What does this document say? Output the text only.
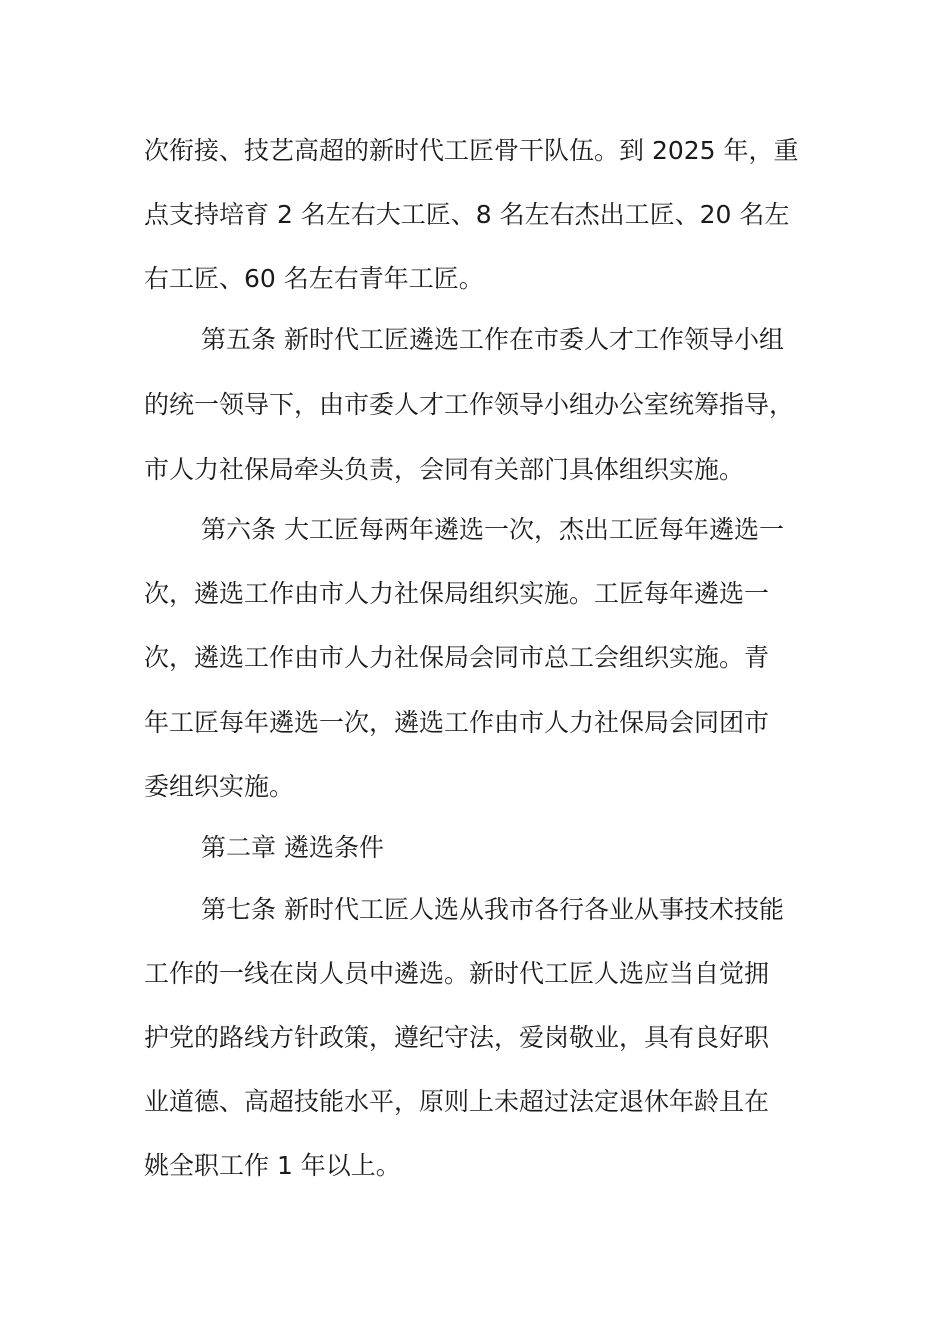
次衔接、技艺高超的新时代工匠骨干队伍。到 2025 年，重
点支持培育 2 名左右大工匠、8 名左右杰出工匠、20 名左
右工匠、60 名左右青年工匠。
第五条 新时代工匠遴选工作在市委人才工作领导小组
的统一领导下，由市委人才工作领导小组办公室统筹指导，
市人力社保局牵头负责，会同有关部门具体组织实施。
第六条 大工匠每两年遴选一次，杰出工匠每年遴选一
次，遴选工作由市人力社保局组织实施。工匠每年遴选一
次，遴选工作由市人力社保局会同市总工会组织实施。青
年工匠每年遴选一次，遴选工作由市人力社保局会同团市
委组织实施。
第二章 遴选条件
第七条 新时代工匠人选从我市各行各业从事技术技能
工作的一线在岗人员中遴选。新时代工匠人选应当自觉拥
护党的路线方针政策，遵纪守法，爱岗敬业，具有良好职
业道德、高超技能水平，原则上未超过法定退休年龄且在
姚全职工作 1 年以上。
